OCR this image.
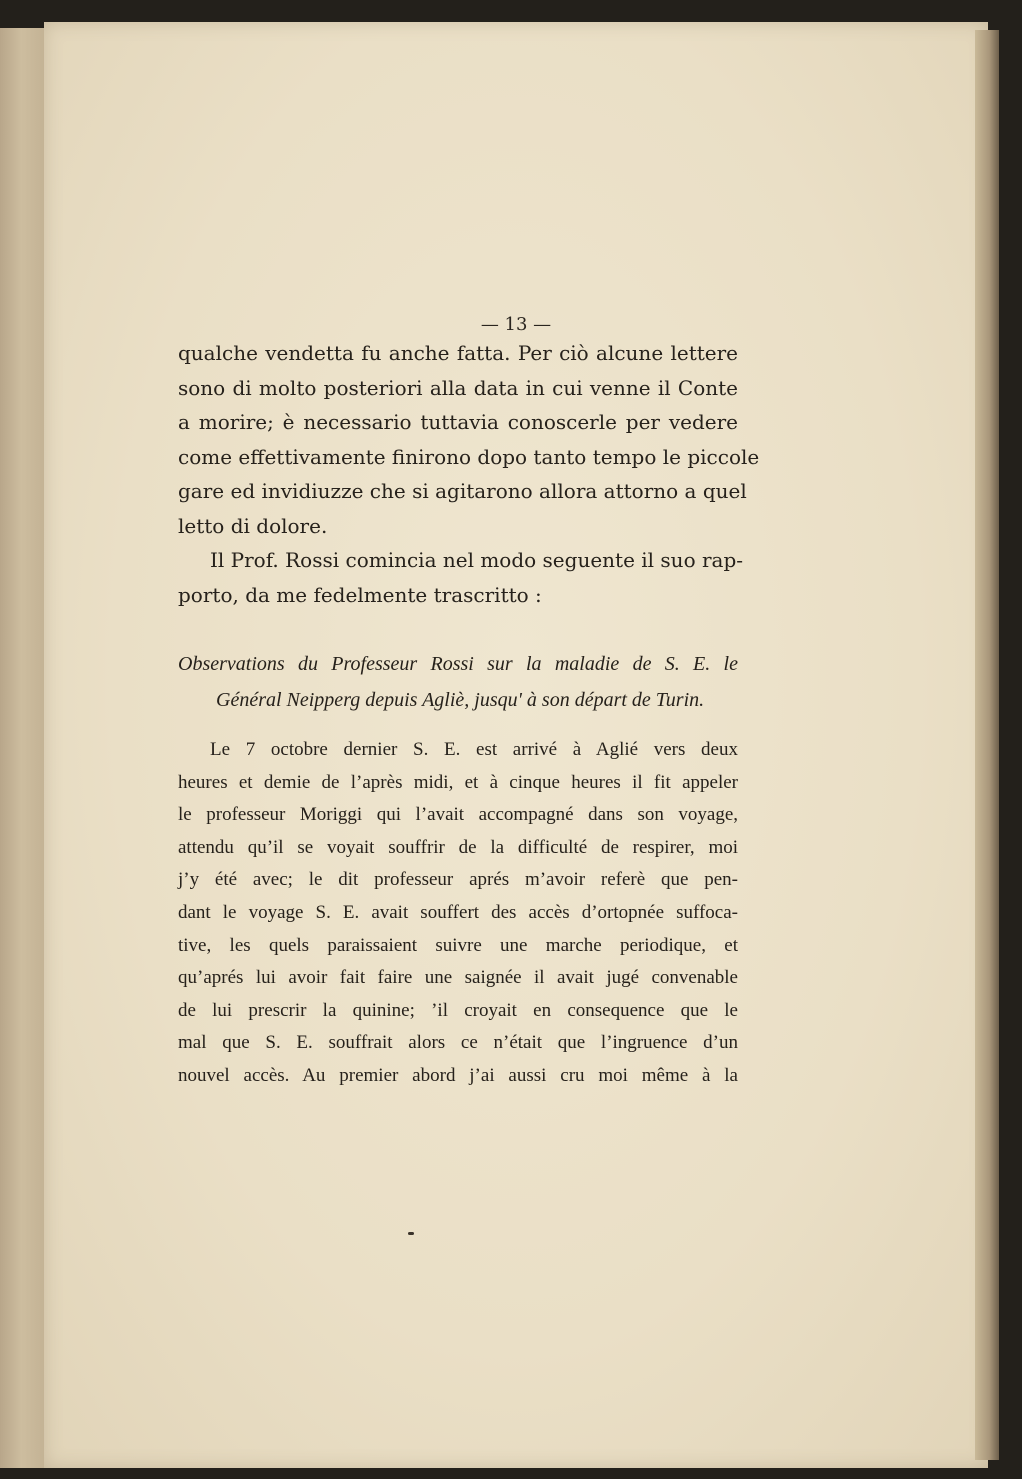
— 13 —
qualche vendetta fu anche fatta. Per ciò alcune lettere
sono di molto posteriori alla data in cui venne il Conte
a morire; è necessario tuttavia conoscerle per vedere
come effettivamente finirono dopo tanto tempo le piccole
gare ed invidiuzze che si agitarono allora attorno a quel
letto di dolore.
Il Prof. Rossi comincia nel modo seguente il suo rap-
porto, da me fedelmente trascritto :
Observations du Professeur Rossi sur la maladie de S. E. le
Général Neipperg depuis Agliè, jusqu' à son départ de Turin.
Le 7 octobre dernier S. E. est arrivé à Aglié vers deux
heures et demie de l’après midi, et à cinque heures il fit appeler
le professeur Moriggi qui l’avait accompagné dans son voyage,
attendu qu’il se voyait souffrir de la difficulté de respirer, moi
j’y été avec; le dit professeur aprés m’avoir referè que pen-
dant le voyage S. E. avait souffert des accès d’ortopnée suffoca-
tive, les quels paraissaient suivre une marche periodique, et
qu’aprés lui avoir fait faire une saignée il avait jugé convenable
de lui prescrir la quinine; ’il croyait en consequence que le
mal que S. E. souffrait alors ce n’était que l’ingruence d’un
nouvel accès. Au premier abord j’ai aussi cru moi même à la
